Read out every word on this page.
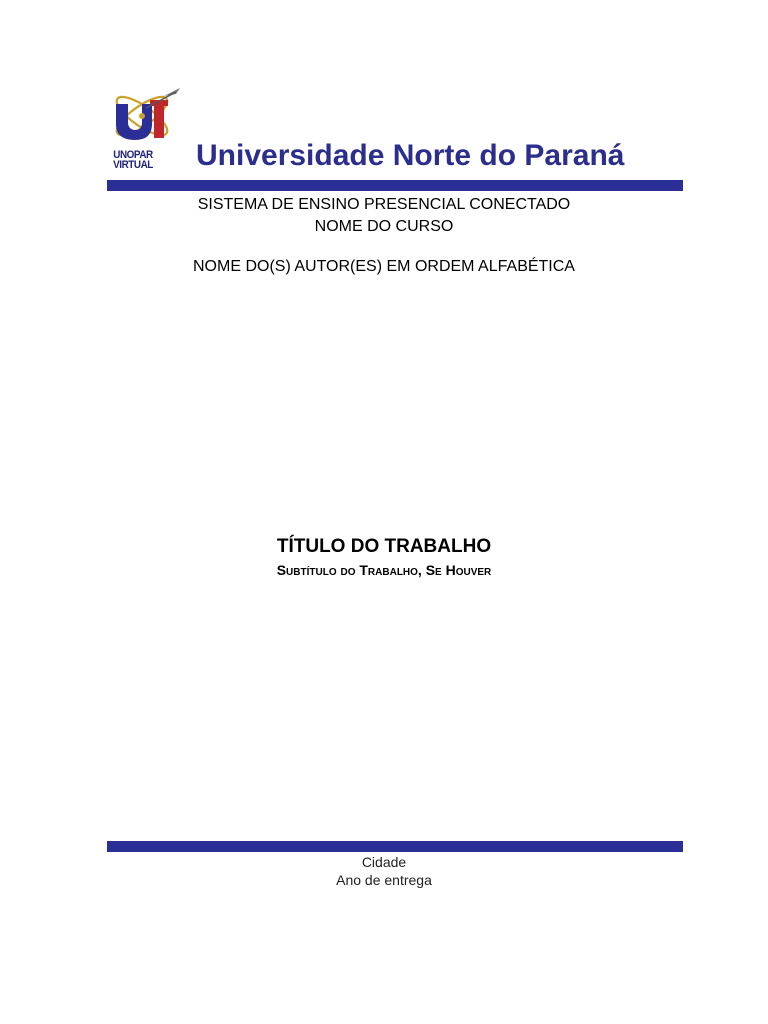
UNOPAR
VIRTUAL Universidade Norte do Paraná
SISTEMA DE ENSINO PRESENCIAL CONECTADO
NOME DO CURSO
NOME DO(S) AUTOR(ES) EM ORDEM ALFABÉTICA
TÍTULO DO TRABALHO
Subtítulo do Trabalho, Se Houver
Cidade
Ano de entrega
